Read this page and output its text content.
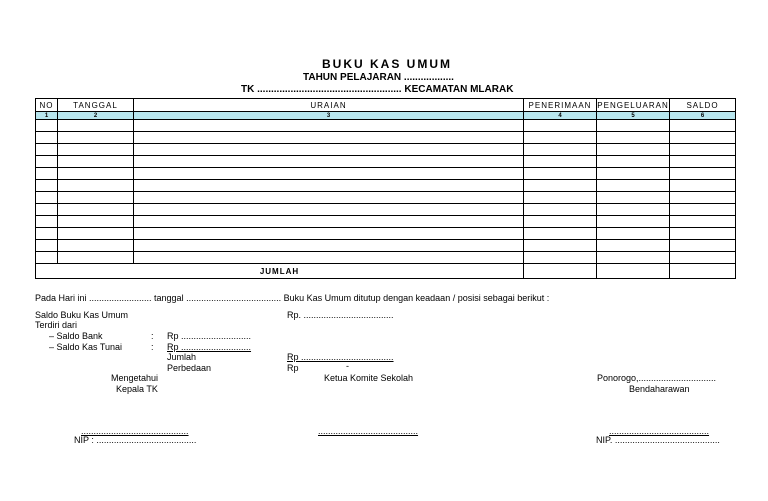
BUKU KAS UMUM
TAHUN PELAJARAN ..................
TK .................................................... KECAMATAN MLARAK
NO	TANGGAL	URAIAN	PENERIMAAN	PENGELUARAN	SALDO
1	2	3	4	5	6

JUMLAH					
Pada Hari ini ......................... tanggal ...................................... Buku Kas Umum ditutup dengan keadaan / posisi sebagai berikut :
Saldo Buku Kas Umum	Rp. ....................................
Terdiri dari
– Saldo Bank	: Rp ............................
– Saldo Kas Tunai	: Rp ............................
Jumlah	Rp .....................................
Perbedaan	Rp	-
Mengetahui
Kepala TK
...........................................
NIP : ........................................
Ketua Komite Sekolah
........................................
Ponorogo,...............................
Bendaharawan
........................................
NIP. ..........................................
